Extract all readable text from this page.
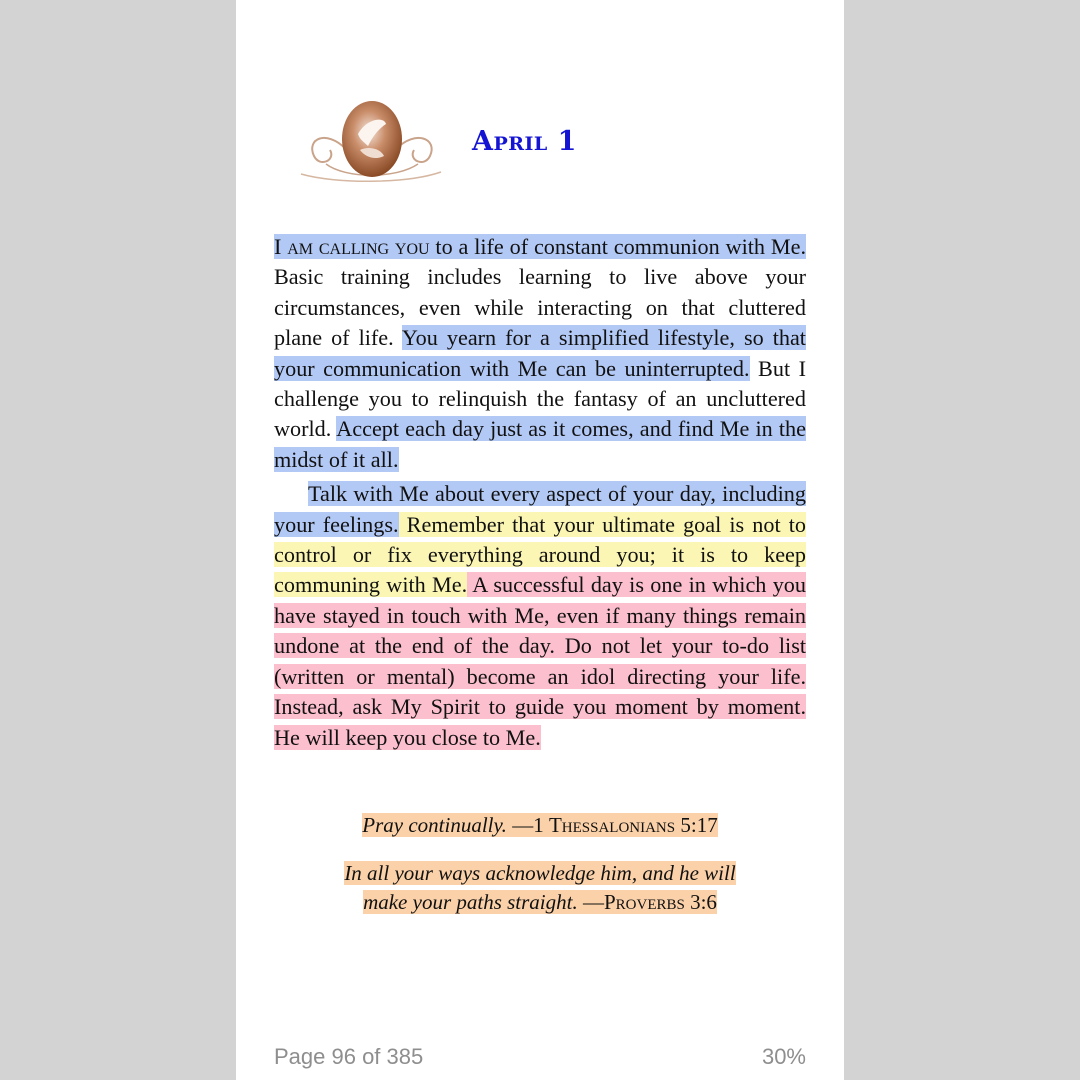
April 1

I am calling you to a life of constant communion with Me. Basic training includes learning to live above your circumstances, even while interacting on that cluttered plane of life. You yearn for a simplified lifestyle, so that your communication with Me can be uninterrupted. But I challenge you to relinquish the fantasy of an uncluttered world. Accept each day just as it comes, and find Me in the midst of it all.

Talk with Me about every aspect of your day, including your feelings. Remember that your ultimate goal is not to control or fix everything around you; it is to keep communing with Me. A successful day is one in which you have stayed in touch with Me, even if many things remain undone at the end of the day. Do not let your to-do list (written or mental) become an idol directing your life. Instead, ask My Spirit to guide you moment by moment. He will keep you close to Me.

Pray continually. —1 Thessalonians 5:17
In all your ways acknowledge him, and he will make your paths straight. —Proverbs 3:6
Page 96 of 385	30%
